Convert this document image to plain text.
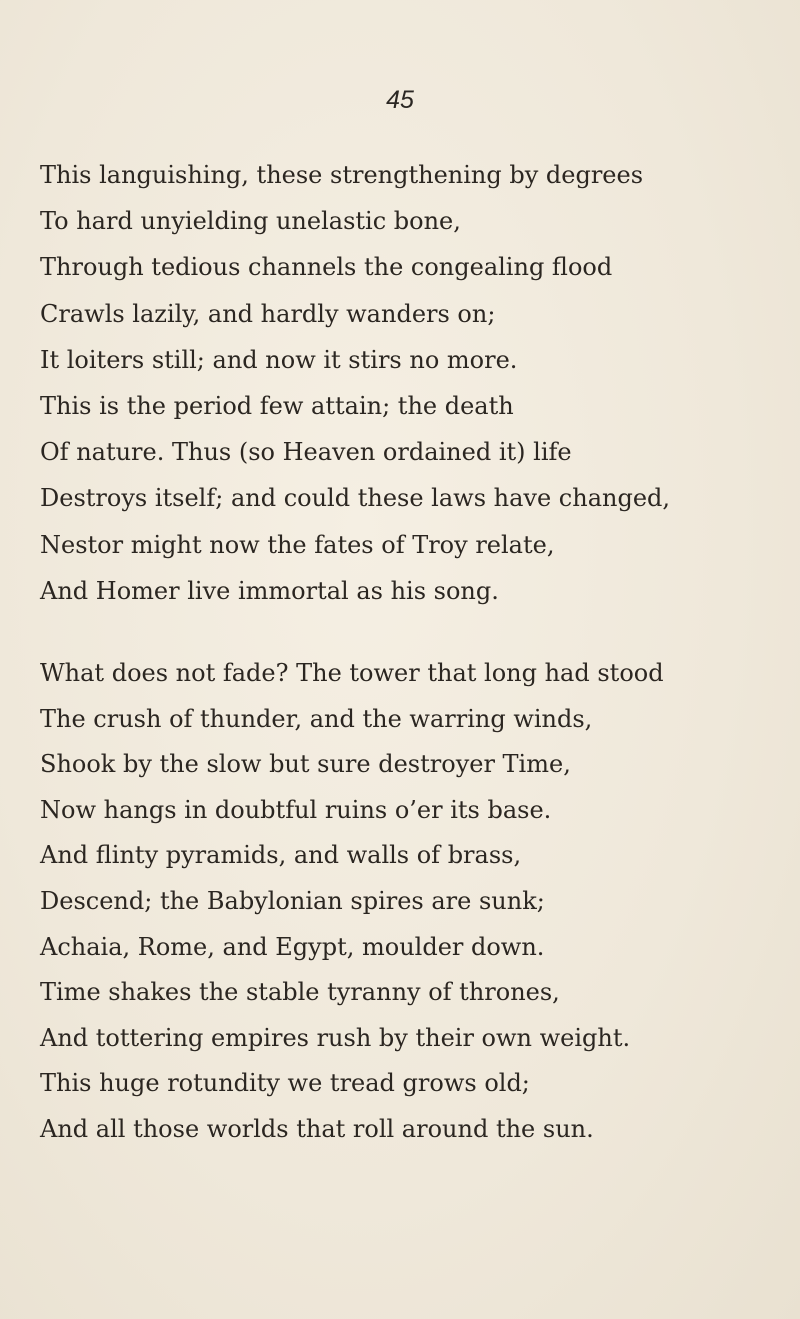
45
This languishing, these strengthening by degrees
To hard unyielding unelastic bone,
Through tedious channels the congealing flood
Crawls lazily, and hardly wanders on;
It loiters still; and now it stirs no more.
This is the period few attain; the death
Of nature. Thus (so Heaven ordained it) life
Destroys itself; and could these laws have changed,
Nestor might now the fates of Troy relate,
And Homer live immortal as his song.
What does not fade? The tower that long had stood
The crush of thunder, and the warring winds,
Shook by the slow but sure destroyer Time,
Now hangs in doubtful ruins o’er its base.
And flinty pyramids, and walls of brass,
Descend; the Babylonian spires are sunk;
Achaia, Rome, and Egypt, moulder down.
Time shakes the stable tyranny of thrones,
And tottering empires rush by their own weight.
This huge rotundity we tread grows old;
And all those worlds that roll around the sun.
